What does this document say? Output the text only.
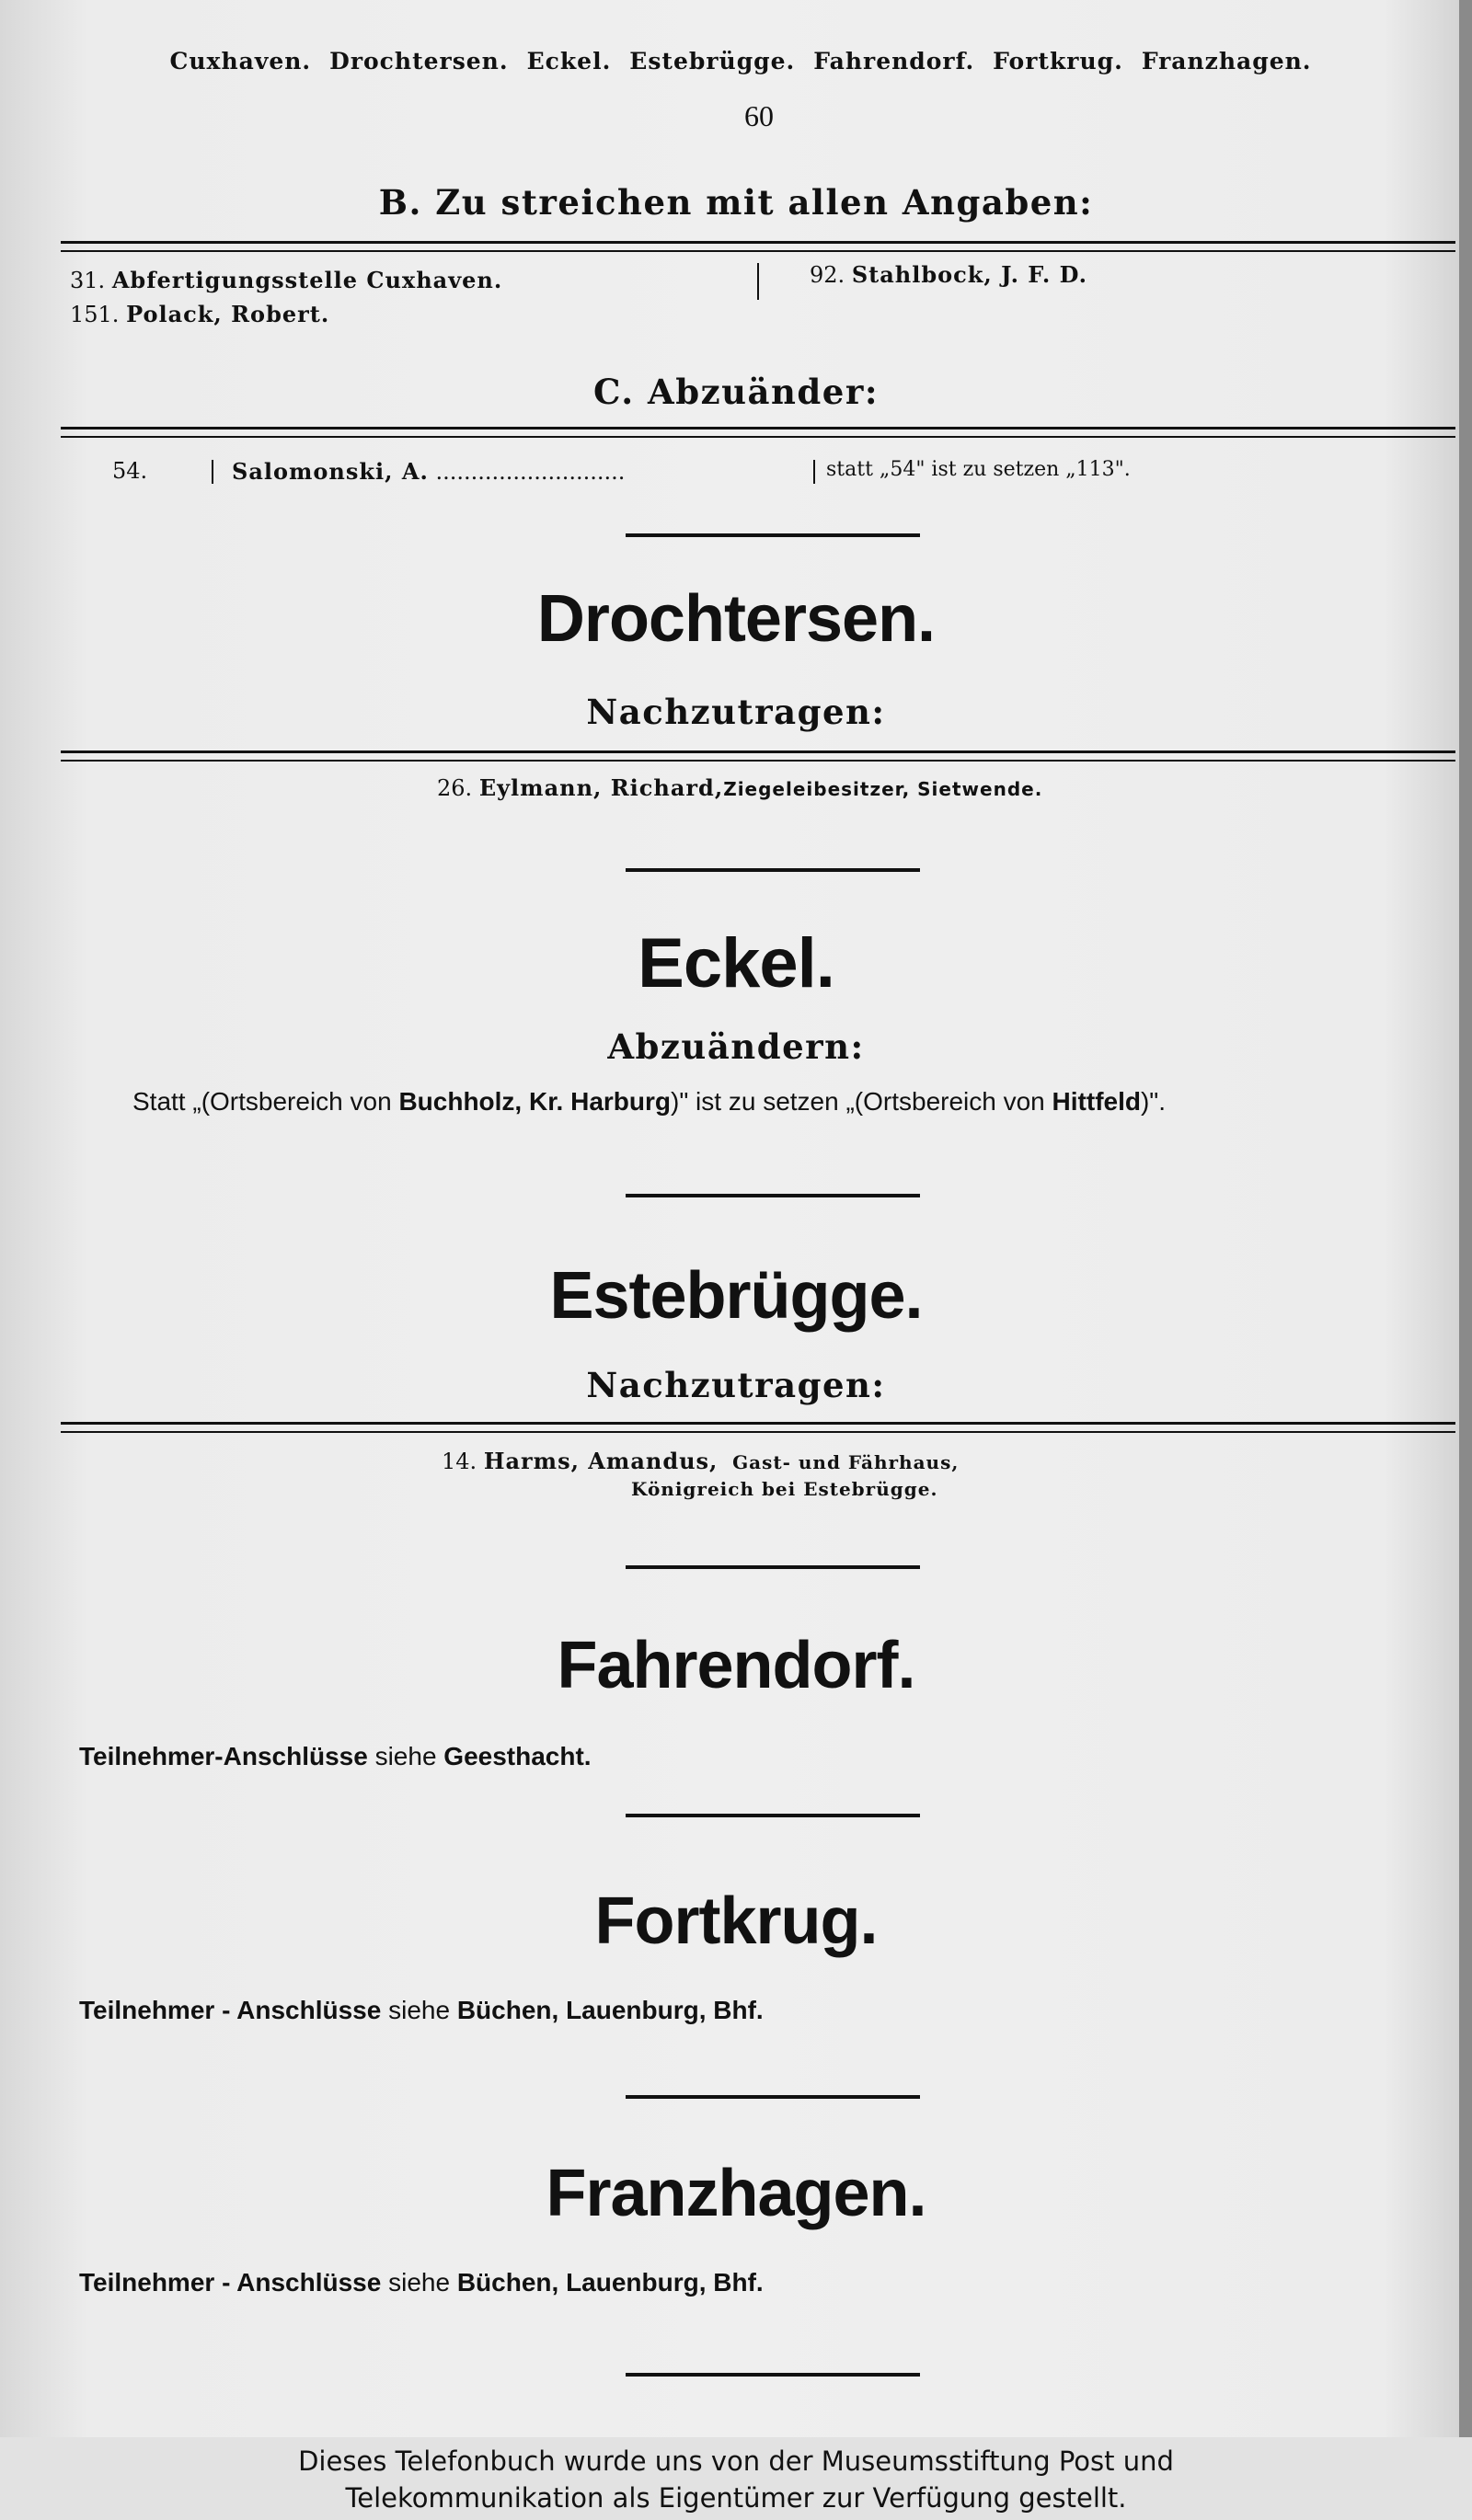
Cuxhaven. Drochtersen. Eckel. Estebrügge. Fahrendorf. Fortkrug. Franzhagen.
60
B. Zu streichen mit allen Angaben:
31. Abfertigungsstelle Cuxhaven.
151. Polack, Robert.
92. Stahlbock, J. F. D.
C. Abzuänder:
54.	Salomonski, A. ...........................	statt „54" ist zu setzen „113".
Drochtersen.
Nachzutragen:
26. Eylmann, Richard,Ziegeleibesitzer, Sietwende.
Eckel.
Abzuändern:
Statt „(Ortsbereich von Buchholz, Kr. Harburg)" ist zu setzen „(Ortsbereich von Hittfeld)".
Estebrügge.
Nachzutragen:
14. Harms, Amandus, Gast- und Fährhaus,
Königreich bei Estebrügge.
Fahrendorf.
Teilnehmer-Anschlüsse siehe Geesthacht.
Fortkrug.
Teilnehmer - Anschlüsse siehe Büchen, Lauenburg, Bhf.
Franzhagen.
Teilnehmer - Anschlüsse siehe Büchen, Lauenburg, Bhf.
Dieses Telefonbuch wurde uns von der Museumsstiftung Post und
Telekommunikation als Eigentümer zur Verfügung gestellt.
